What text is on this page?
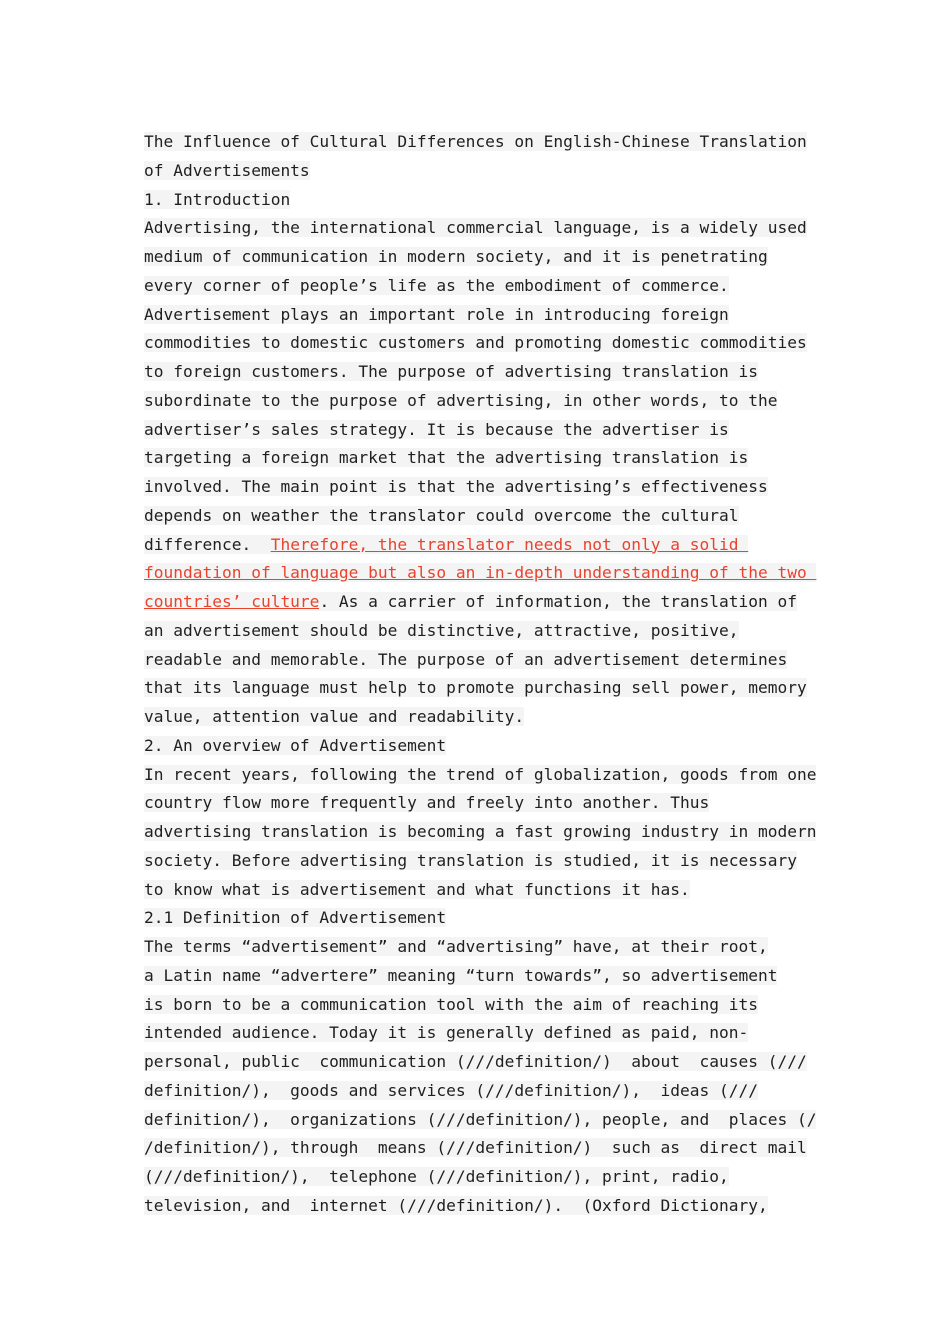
The Influence of Cultural Differences on English-Chinese Translation
of Advertisements
1. Introduction
Advertising, the international commercial language, is a widely used
medium of communication in modern society, and it is penetrating
every corner of people’s life as the embodiment of commerce.
Advertisement plays an important role in introducing foreign
commodities to domestic customers and promoting domestic commodities
to foreign customers. The purpose of advertising translation is
subordinate to the purpose of advertising, in other words, to the
advertiser’s sales strategy. It is because the advertiser is
targeting a foreign market that the advertising translation is
involved. The main point is that the advertising’s effectiveness
depends on weather the translator could overcome the cultural
difference.  Therefore, the translator needs not only a solid
foundation of language but also an in-depth understanding of the two
countries’ culture. As a carrier of information, the translation of
an advertisement should be distinctive, attractive, positive,
readable and memorable. The purpose of an advertisement determines
that its language must help to promote purchasing sell power, memory
value, attention value and readability.
2. An overview of Advertisement
In recent years, following the trend of globalization, goods from one
country flow more frequently and freely into another. Thus
advertising translation is becoming a fast growing industry in modern
society. Before advertising translation is studied, it is necessary
to know what is advertisement and what functions it has.
2.1 Definition of Advertisement
The terms “advertisement” and “advertising” have, at their root,
a Latin name “advertere” meaning “turn towards”, so advertisement
is born to be a communication tool with the aim of reaching its
intended audience. Today it is generally defined as paid, non-
personal, public  communication (///definition/)  about  causes (///
definition/),  goods and services (///definition/),  ideas (///
definition/),  organizations (///definition/), people, and  places (/
/definition/), through  means (///definition/)  such as  direct mail
(///definition/),  telephone (///definition/), print, radio,
television, and  internet (///definition/).  (Oxford Dictionary,
